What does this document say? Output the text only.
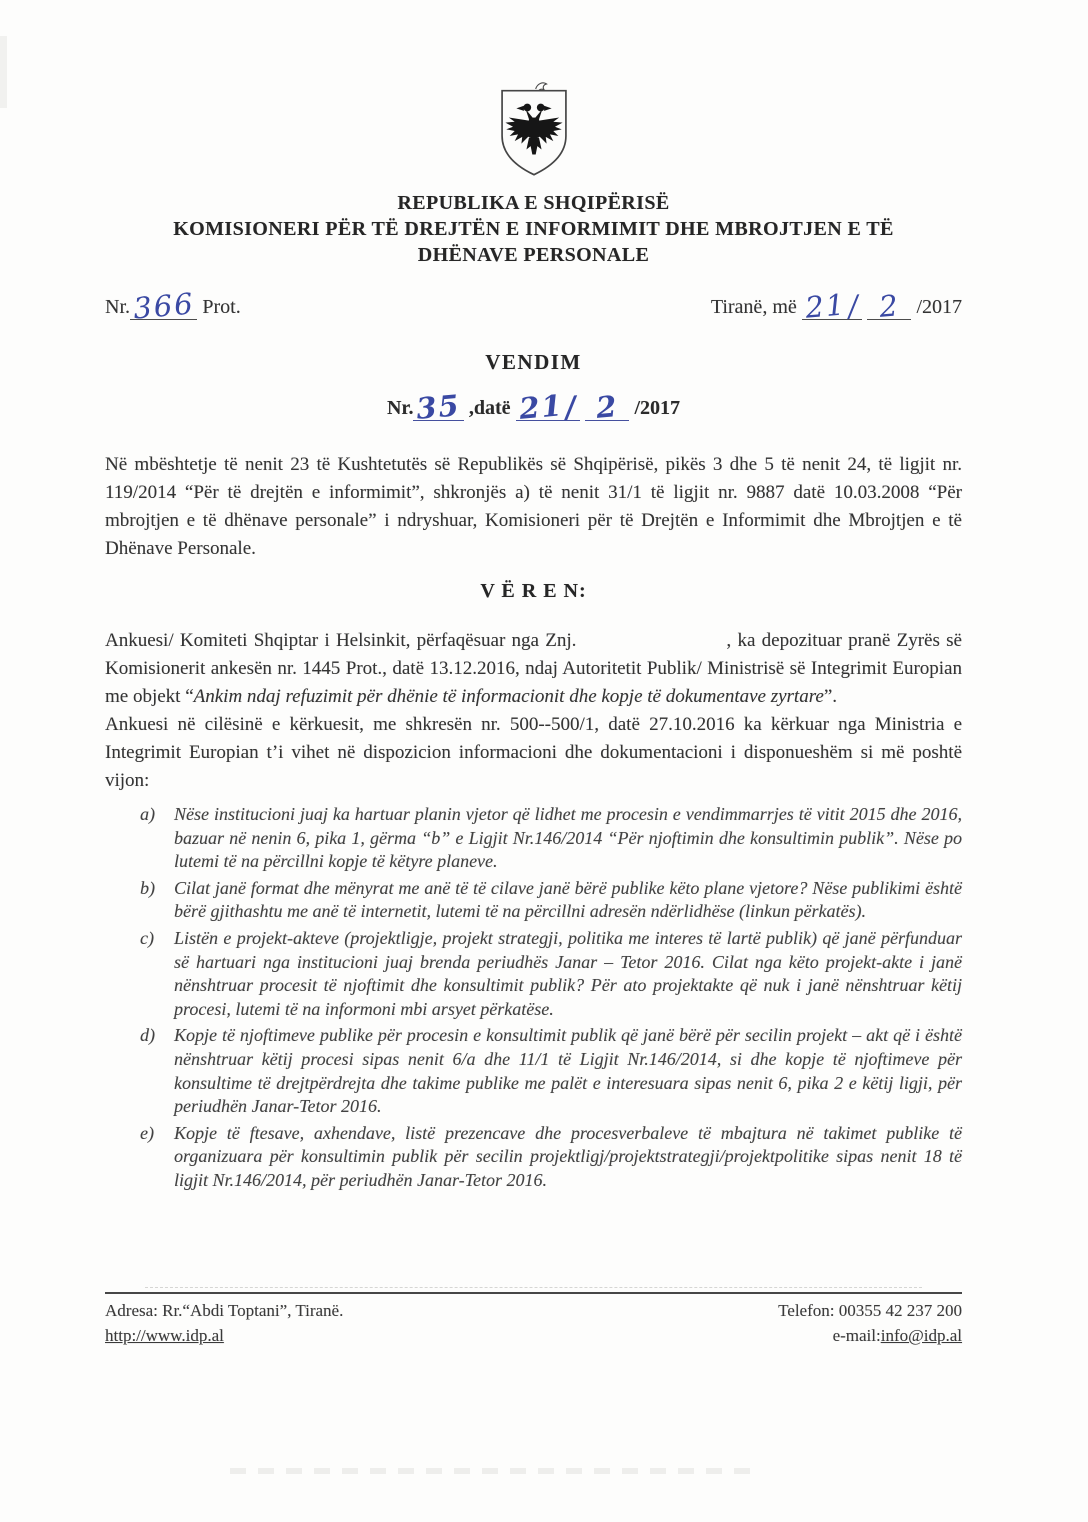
REPUBLIKA E SHQIPËRISË
KOMISIONERI PËR TË DREJTËN E INFORMIMIT DHE MBROJTJEN E TË
DHËNAVE PERSONALE
Nr.366 Prot.	Tiranë, më 21/ 2 /2017
VENDIM
Nr.35 ,datë 21/ 2 /2017

Në mbështetje të nenit 23 të Kushtetutës së Republikës së Shqipërisë, pikës 3 dhe 5 të nenit 24, të ligjit nr. 119/2014 “Për të drejtën e informimit”, shkronjës a) të nenit 31/1 të ligjit nr. 9887 datë 10.03.2008 “Për mbrojtjen e të dhënave personale” i ndryshuar, Komisioneri për të Drejtën e Informimit dhe Mbrojtjen e të Dhënave Personale.

V Ë R E N:

Ankuesi/ Komiteti Shqiptar i Helsinkit, përfaqësuar nga Znj.	, ka depozituar pranë Zyrës së Komisionerit ankesën nr. 1445 Prot., datë 13.12.2016, ndaj Autoritetit Publik/ Ministrisë së Integrimit Europian me objekt “Ankim ndaj refuzimit për dhënie të informacionit dhe kopje të dokumentave zyrtare”.

Ankuesi në cilësinë e kërkuesit, me shkresën nr. 500--500/1, datë 27.10.2016 ka kërkuar nga Ministria e Integrimit Europian t’i vihet në dispozicion informacioni dhe dokumentacioni i disponueshëm si më poshtë vijon:

a) Nëse institucioni juaj ka hartuar planin vjetor që lidhet me procesin e vendimmarrjes të vitit 2015 dhe 2016, bazuar në nenin 6, pika 1, gërma “b” e Ligjit Nr.146/2014 “Për njoftimin dhe konsultimin publik”. Nëse po lutemi të na përcillni kopje të këtyre planeve.
b) Cilat janë format dhe mënyrat me anë të të cilave janë bërë publike këto plane vjetore? Nëse publikimi është bërë gjithashtu me anë të internetit, lutemi të na përcillni adresën ndërlidhëse (linkun përkatës).
c) Listën e projekt-akteve (projektligje, projekt strategji, politika me interes të lartë publik) që janë përfunduar së hartuari nga institucioni juaj brenda periudhës Janar – Tetor 2016. Cilat nga këto projekt-akte i janë nënshtruar procesit të njoftimit dhe konsultimit publik? Për ato projektakte që nuk i janë nënshtruar këtij procesi, lutemi të na informoni mbi arsyet përkatëse.
d) Kopje të njoftimeve publike për procesin e konsultimit publik që janë bërë për secilin projekt – akt që i është nënshtruar këtij procesi sipas nenit 6/a dhe 11/1 të Ligjit Nr.146/2014, si dhe kopje të njoftimeve për konsultime të drejtpërdrejta dhe takime publike me palët e interesuara sipas nenit 6, pika 2 e këtij ligji, për periudhën Janar-Tetor 2016.
e) Kopje të ftesave, axhendave, listë prezencave dhe procesverbaleve të mbajtura në takimet publike të organizuara për konsultimin publik për secilin projektligj/projektstrategji/projektpolitike sipas nenit 18 të ligjit Nr.146/2014, për periudhën Janar-Tetor 2016.
Adresa: Rr.“Abdi Toptani”, Tiranë.
http://www.idp.al
Telefon: 00355 42 237 200
e-mail:info@idp.al
